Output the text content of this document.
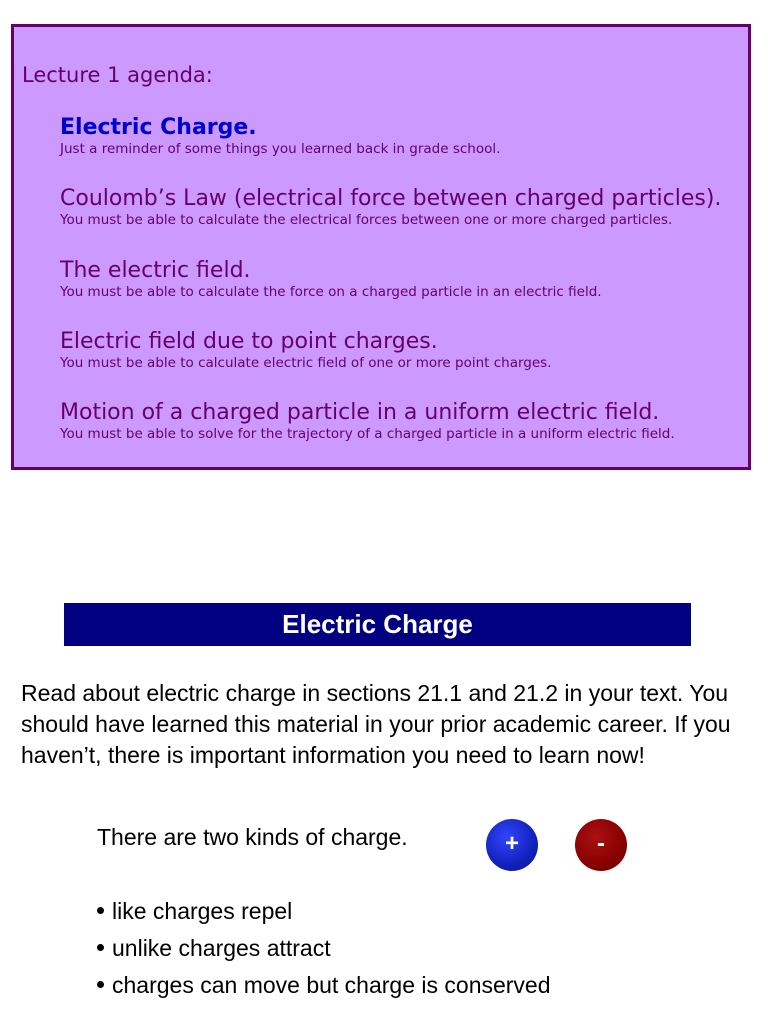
Lecture 1 agenda:
Electric Charge.
Just a reminder of some things you learned back in grade school.
Coulomb’s Law (electrical force between charged particles).
You must be able to calculate the electrical forces between one or more charged particles.
The electric field.
You must be able to calculate the force on a charged particle in an electric field.
Electric field due to point charges.
You must be able to calculate electric field of one or more point charges.
Motion of a charged particle in a uniform electric field.
You must be able to solve for the trajectory of a charged particle in a uniform electric field.
Electric Charge

Read about electric charge in sections 21.1 and 21.2 in your text. You should have learned this material in your prior academic career. If you haven’t, there is important information you need to learn now!

There are two kinds of charge.	+	-
like charges repel
unlike charges attract
charges can move but charge is conserved
